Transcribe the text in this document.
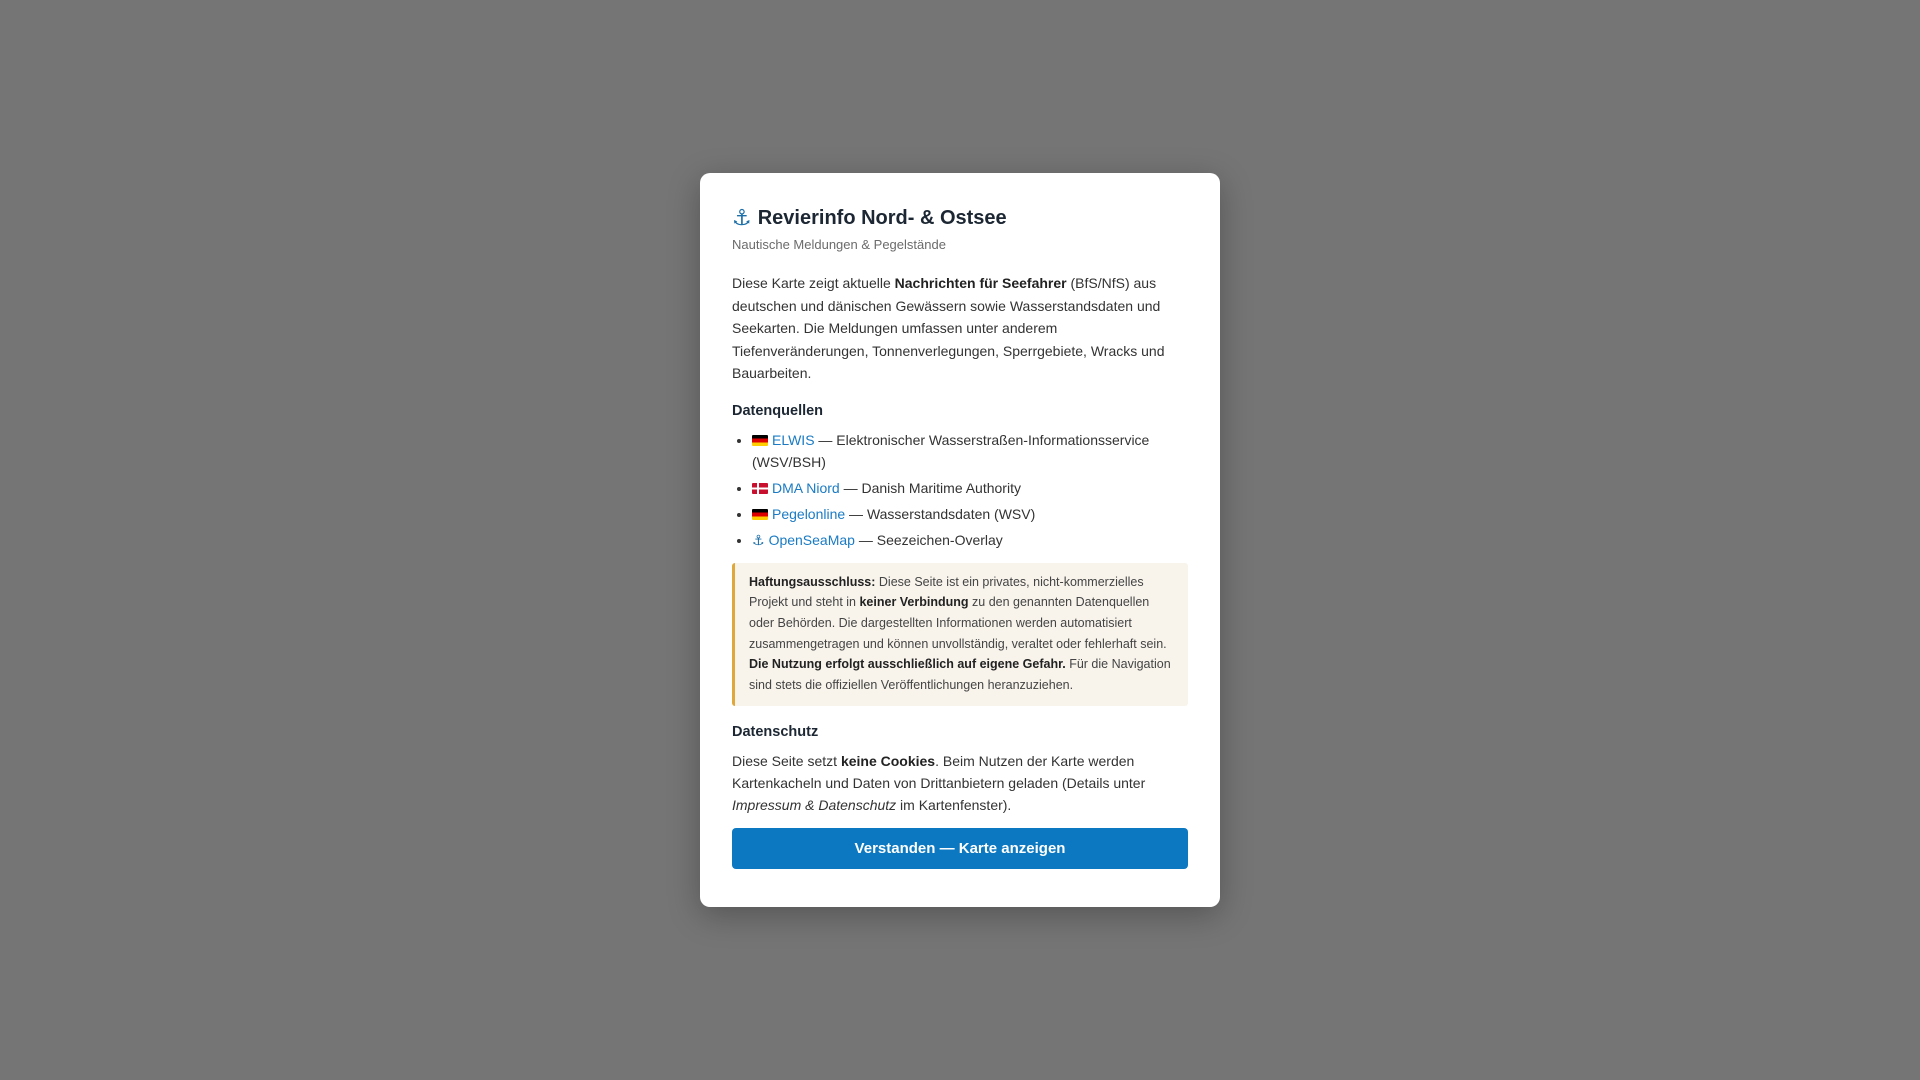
⚓ Revierinfo Nord- & Ostsee

Nautische Meldungen & Pegelstände

Diese Karte zeigt aktuelle Nachrichten für Seefahrer (BfS/NfS) aus deutschen und dänischen Gewässern sowie Wasserstandsdaten und Seekarten. Die Meldungen umfassen unter anderem Tiefenveränderungen, Tonnenverlegungen, Sperrgebiete, Wracks und Bauarbeiten.

Datenquellen
• ELWIS — Elektronischer Wasserstraßen-Informationsservice (WSV/BSH)
• DMA Niord — Danish Maritime Authority
• Pegelonline — Wasserstandsdaten (WSV)
• ⚓ OpenSeaMap — Seezeichen-Overlay
Haftungsausschluss: Diese Seite ist ein privates, nicht-kommerzielles Projekt und steht in keiner Verbindung zu den genannten Datenquellen oder Behörden. Die dargestellten Informationen werden automatisiert zusammengetragen und können unvollständig, veraltet oder fehlerhaft sein. Die Nutzung erfolgt ausschließlich auf eigene Gefahr. Für die Navigation sind stets die offiziellen Veröffentlichungen heranzuziehen.
Datenschutz

Diese Seite setzt keine Cookies. Beim Nutzen der Karte werden Kartenkacheln und Daten von Drittanbietern geladen (Details unter Impressum & Datenschutz im Kartenfenster).

Verstanden — Karte anzeigen
